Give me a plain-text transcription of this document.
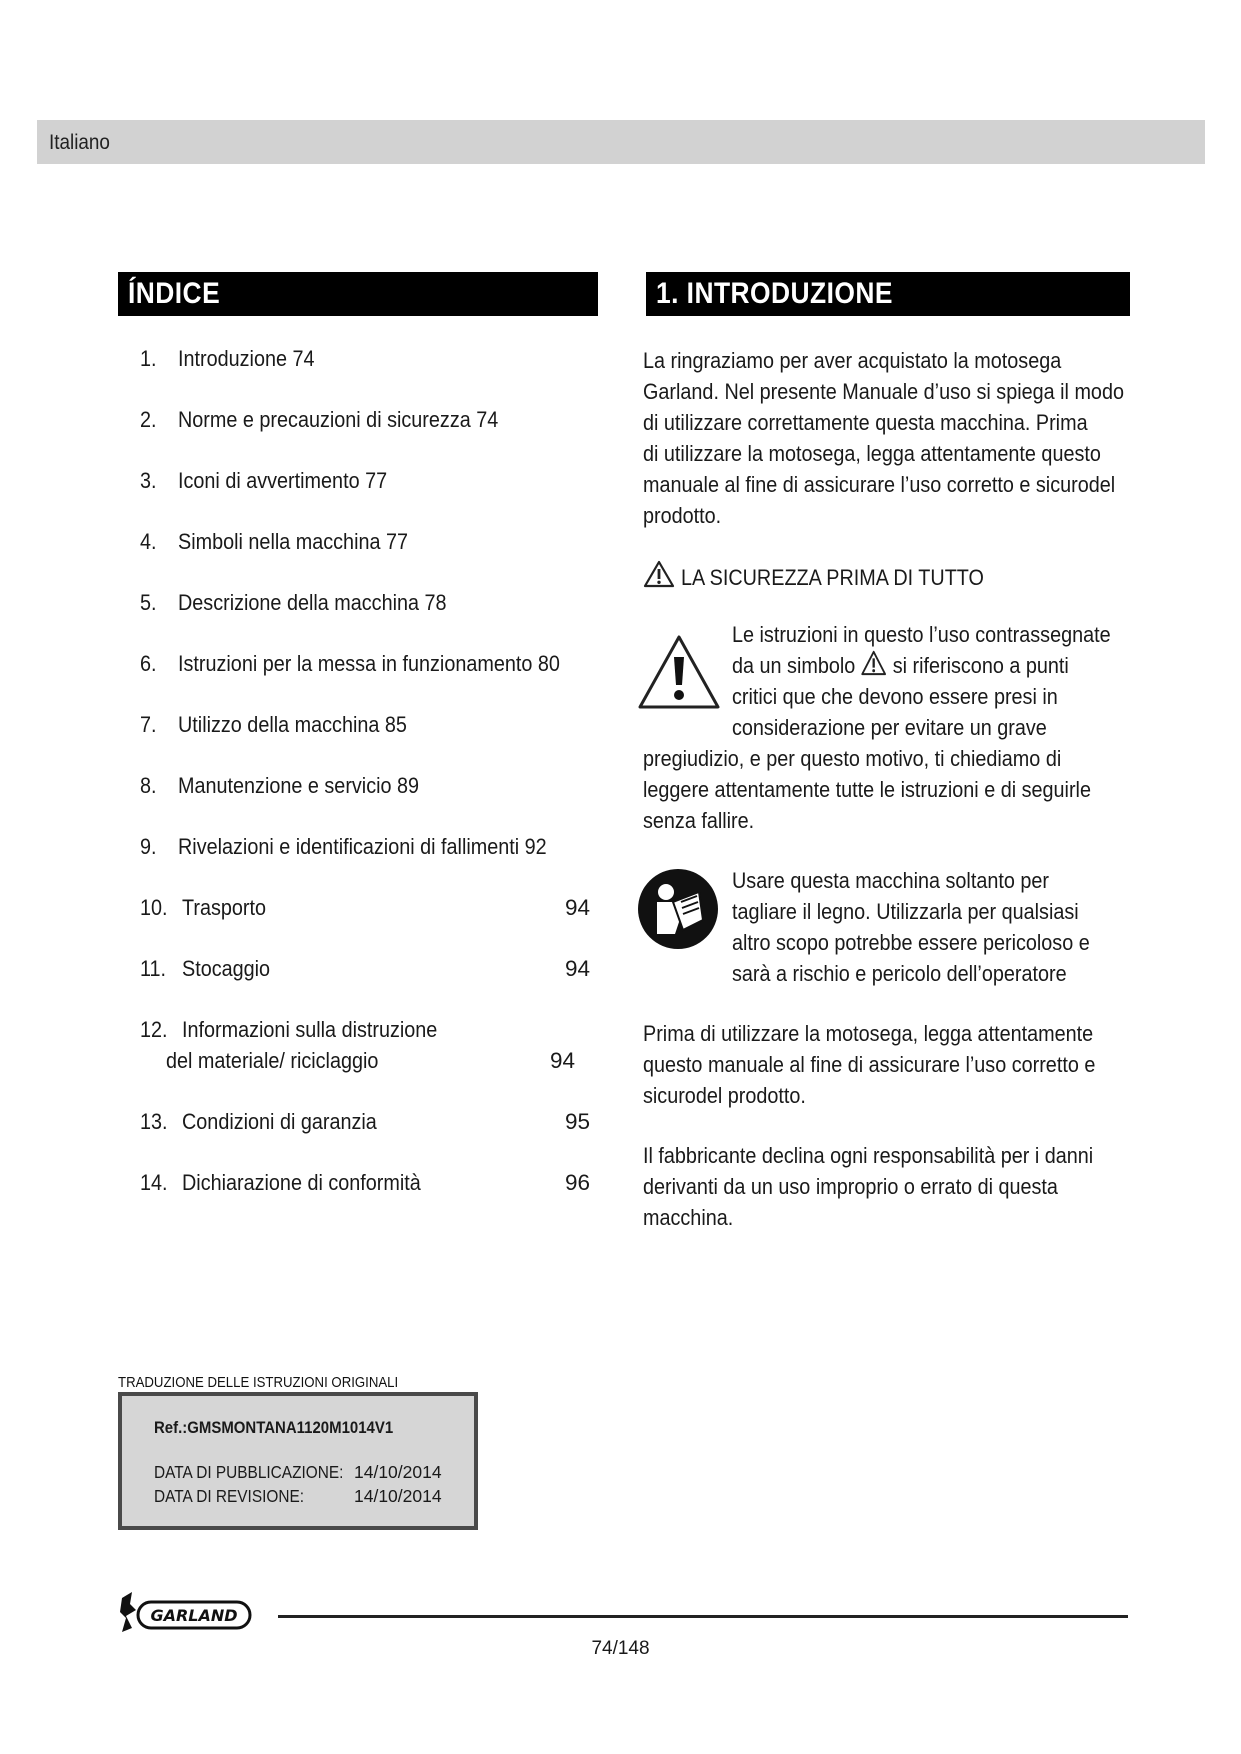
Italiano
ÍNDICE
1. Introduzione 74
2. Norme e precauzioni di sicurezza 74
3. Iconi di avvertimento 77
4. Simboli nella macchina 77
5. Descrizione della macchina 78
6. Istruzioni per la messa in funzionamento 80
7. Utilizzo della macchina 85
8. Manutenzione e servicio 89
9. Rivelazioni e identificazioni di fallimenti 92
10. Trasporto	94
11. Stocaggio	94
12. Informazioni sulla distruzione
del materiale/ riciclaggio	94
13. Condizioni di garanzia	95
14. Dichiarazione di conformità	96
1. INTRODUZIONE

La ringraziamo per aver acquistato la motosega

Garland. Nel presente Manuale d’uso si spiega il modo

di utilizzare correttamente questa macchina. Prima

di utilizzare la motosega, legga attentamente questo

manuale al fine di assicurare l’uso corretto e sicurodel

prodotto.

LA SICUREZZA PRIMA DI TUTTO

Le istruzioni in questo l’uso contrassegnate

da un simbolo si riferiscono a punti

critici que che devono essere presi in

considerazione per evitare un grave

pregiudizio, e per questo motivo, ti chiediamo di

leggere attentamente tutte le istruzioni e di seguirle

senza fallire.

Usare questa macchina soltanto per

tagliare il legno. Utilizzarla per qualsiasi

altro scopo potrebbe essere pericoloso e

sarà a rischio e pericolo dell’operatore

Prima di utilizzare la motosega, legga attentamente

questo manuale al fine di assicurare l’uso corretto e

sicurodel prodotto.

Il fabbricante declina ogni responsabilità per i danni

derivanti da un uso improprio o errato di questa

macchina.

TRADUZIONE DELLE ISTRUZIONI ORIGINALI
Ref.:GMSMONTANA1120M1014V1
DATA DI PUBBLICAZIONE: 14/10/2014
DATA DI REVISIONE:	14/10/2014
GARLAND
74/148
